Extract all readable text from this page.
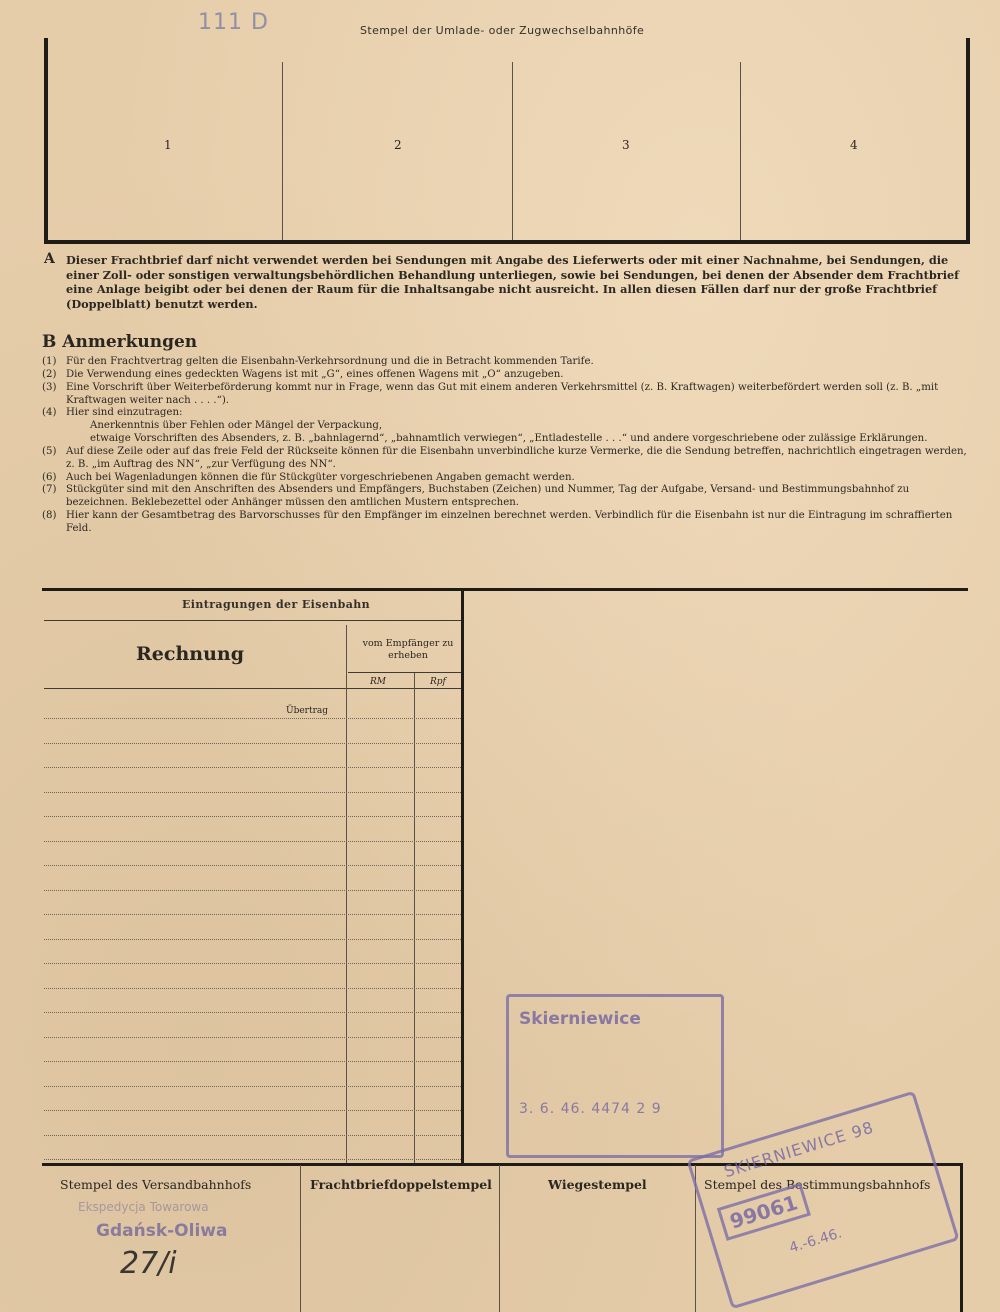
111 D	Stempel der Umlade- oder Zugwechselbahnhöfe
1	2	3	4
A Dieser Frachtbrief darf nicht verwendet werden bei Sendungen mit Angabe des Lieferwerts oder mit einer Nachnahme, bei Sendungen, die einer Zoll- oder sonstigen verwaltungsbehördlichen Behandlung unterliegen, sowie bei Sendungen, bei denen der Absender dem Frachtbrief eine Anlage beigibt oder bei denen der Raum für die Inhaltsangabe nicht ausreicht. In allen diesen Fällen darf nur der große Frachtbrief (Doppelblatt) benutzt werden.
B Anmerkungen
(1) Für den Frachtvertrag gelten die Eisenbahn-Verkehrsordnung und die in Betracht kommenden Tarife.
(2) Die Verwendung eines gedeckten Wagens ist mit „G“, eines offenen Wagens mit „O“ anzugeben.
(3) Eine Vorschrift über Weiterbeförderung kommt nur in Frage, wenn das Gut mit einem anderen Verkehrsmittel (z. B. Kraftwagen) weiterbefördert werden soll (z. B. „mit Kraftwagen weiter nach . . . .“).
(4) Hier sind einzutragen:
Anerkenntnis über Fehlen oder Mängel der Verpackung,
etwaige Vorschriften des Absenders, z. B. „bahnlagernd“, „bahnamtlich verwiegen“, „Entladestelle . . .“ und andere vorgeschriebene oder zulässige Erklärungen.
(5) Auf diese Zeile oder auf das freie Feld der Rückseite können für die Eisenbahn unverbindliche kurze Vermerke, die die Sendung betreffen, nachrichtlich eingetragen werden, z. B. „im Auftrag des NN“, „zur Verfügung des NN“.
(6) Auch bei Wagenladungen können die für Stückgüter vorgeschriebenen Angaben gemacht werden.
(7) Stückgüter sind mit den Anschriften des Absenders und Empfängers, Buchstaben (Zeichen) und Nummer, Tag der Aufgabe, Versand- und Bestimmungsbahnhof zu bezeichnen. Beklebezettel oder Anhänger müssen den amtlichen Mustern entsprechen.
(8) Hier kann der Gesamtbetrag des Barvorschusses für den Empfänger im einzelnen berechnet werden. Verbindlich für die Eisenbahn ist nur die Eintragung im schraffierten Feld.
Eintragungen der Eisenbahn
Rechnung	vom Empfänger zu erheben
RM	Rpf
Übertrag
Stempel des Versandbahnhofs	Frachtbriefdoppelstempel	Wiegestempel	Stempel des Bestimmungsbahnhofs
Skierniewice
3. 6. 46. 4474 2 9
Ekspedycja Towarowa
Gdańsk-Oliwa
27/i
SKIERNIEWICE 98
99061
4.-6.46.
